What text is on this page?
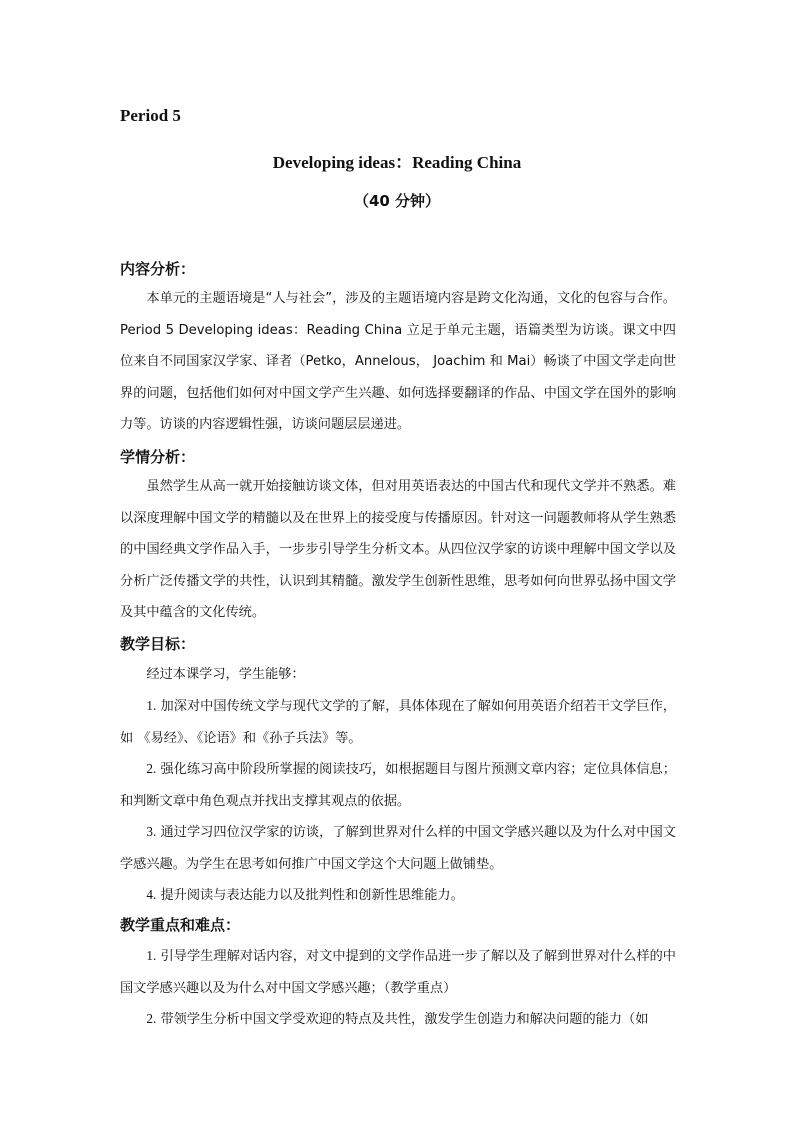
Period 5
Developing ideas：Reading China
（40 分钟）
内容分析：

本单元的主题语境是“人与社会”，涉及的主题语境内容是跨文化沟通，文化的包容与合作。Period 5 Developing ideas：Reading China 立足于单元主题，语篇类型为访谈。课文中四位来自不同国家汉学家、译者（Petko，Annelous， Joachim 和 Mai）畅谈了中国文学走向世界的问题，包括他们如何对中国文学产生兴趣、如何选择要翻译的作品、中国文学在国外的影响力等。访谈的内容逻辑性强，访谈问题层层递进。

学情分析：

虽然学生从高一就开始接触访谈文体，但对用英语表达的中国古代和现代文学并不熟悉。难以深度理解中国文学的精髓以及在世界上的接受度与传播原因。针对这一问题教师将从学生熟悉的中国经典文学作品入手，一步步引导学生分析文本。从四位汉学家的访谈中理解中国文学以及分析广泛传播文学的共性，认识到其精髓。激发学生创新性思维，思考如何向世界弘扬中国文学及其中蕴含的文化传统。

教学目标：

经过本课学习，学生能够：

1. 加深对中国传统文学与现代文学的了解，具体体现在了解如何用英语介绍若干文学巨作，如 《易经》、《论语》和《孙子兵法》等。

2. 强化练习高中阶段所掌握的阅读技巧，如根据题目与图片预测文章内容；定位具体信息；和判断文章中角色观点并找出支撑其观点的依据。

3. 通过学习四位汉学家的访谈，了解到世界对什么样的中国文学感兴趣以及为什么对中国文学感兴趣。为学生在思考如何推广中国文学这个大问题上做铺垫。

4. 提升阅读与表达能力以及批判性和创新性思维能力。

教学重点和难点：

1. 引导学生理解对话内容，对文中提到的文学作品进一步了解以及了解到世界对什么样的中国文学感兴趣以及为什么对中国文学感兴趣；（教学重点）

2. 带领学生分析中国文学受欢迎的特点及共性，激发学生创造力和解决问题的能力（如
